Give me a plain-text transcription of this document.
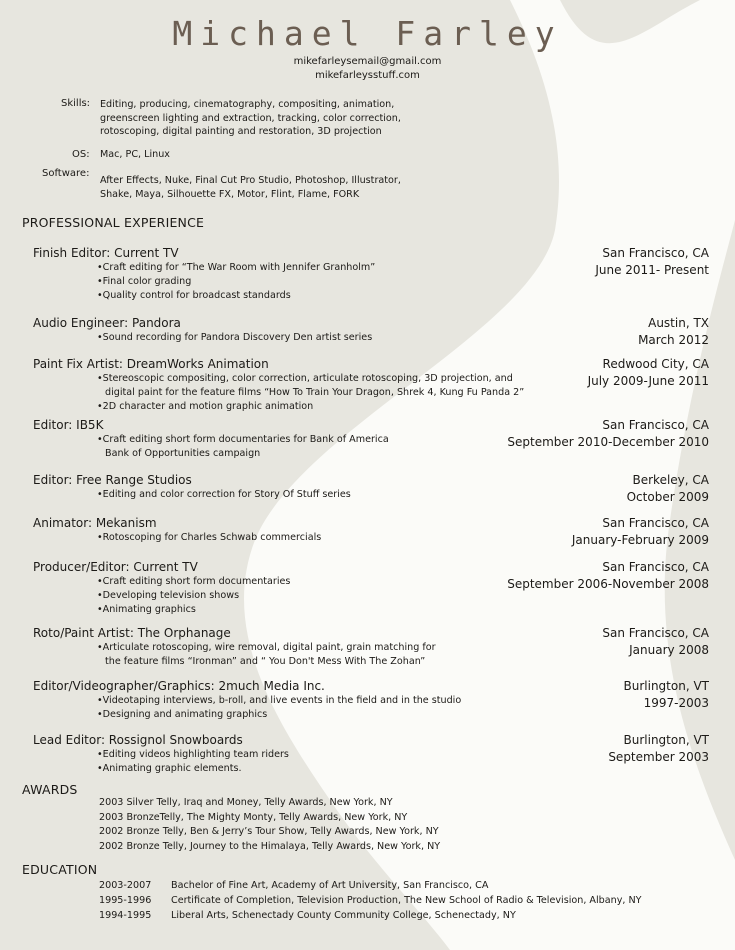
Michael Farley
mikefarleysemail@gmail.com
mikefarleysstuff.com
Skills: Editing, producing, cinematography, compositing, animation,
greenscreen lighting and extraction, tracking, color correction,
rotoscoping, digital painting and restoration, 3D projection
OS: Mac, PC, Linux
Software:
After Effects, Nuke, Final Cut Pro Studio, Photoshop, Illustrator,
Shake, Maya, Silhouette FX, Motor, Flint, Flame, FORK
PROFESSIONAL EXPERIENCE
Finish Editor: Current TV
• Craft editing for “The War Room with Jennifer Granholm”
• Final color grading
• Quality control for broadcast standards
San Francisco, CA
June 2011- Present
Audio Engineer: Pandora
• Sound recording for Pandora Discovery Den artist series
Austin, TX
March 2012
Paint Fix Artist: DreamWorks Animation
• Stereoscopic compositing, color correction, articulate rotoscoping, 3D projection, and
digital paint for the feature films “How To Train Your Dragon, Shrek 4, Kung Fu Panda 2”
• 2D character and motion graphic animation
Redwood City, CA
July 2009-June 2011
Editor: IB5K
• Craft editing short form documentaries for Bank of America
Bank of Opportunities campaign
San Francisco, CA
September 2010-December 2010
Editor: Free Range Studios
• Editing and color correction for Story Of Stuff series
Berkeley, CA
October 2009
Animator: Mekanism
• Rotoscoping for Charles Schwab commercials
San Francisco, CA
January-February 2009
Producer/Editor: Current TV
• Craft editing short form documentaries
• Developing television shows
• Animating graphics
San Francisco, CA
September 2006-November 2008
Roto/Paint Artist: The Orphanage
• Articulate rotoscoping, wire removal, digital paint, grain matching for
the feature films “Ironman” and “ You Don't Mess With The Zohan”
San Francisco, CA
January 2008
Editor/Videographer/Graphics: 2much Media Inc.
• Videotaping interviews, b-roll, and live events in the field and in the studio
• Designing and animating graphics
Burlington, VT
1997-2003
Lead Editor: Rossignol Snowboards
• Editing videos highlighting team riders
• Animating graphic elements.
Burlington, VT
September 2003
AWARDS
2003 Silver Telly, Iraq and Money, Telly Awards, New York, NY
2003 BronzeTelly, The Mighty Monty, Telly Awards, New York, NY
2002 Bronze Telly, Ben & Jerry’s Tour Show, Telly Awards, New York, NY
2002 Bronze Telly, Journey to the Himalaya, Telly Awards, New York, NY
EDUCATION
2003-2007 Bachelor of Fine Art, Academy of Art University, San Francisco, CA
1995-1996 Certificate of Completion, Television Production, The New School of Radio & Television, Albany, NY
1994-1995 Liberal Arts, Schenectady County Community College, Schenectady, NY
